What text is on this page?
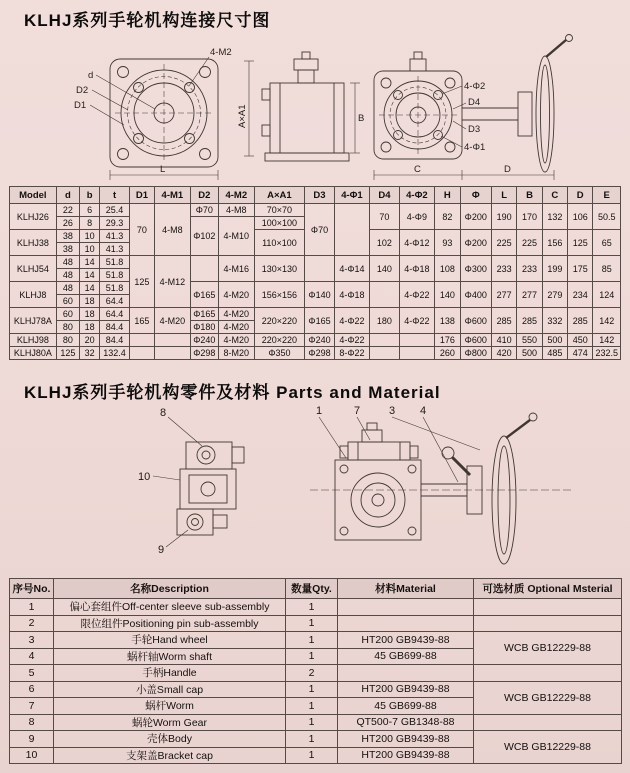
KLHJ系列手轮机构连接尺寸图
4-M2
d
D2
D1
L
A×A1	B
4-Φ2
D4
D3
4-Φ1
C	D
Model	d	b	t	D1	4-M1	D2	4-M2	A×A1	D3	4-Φ1	D4	4-Φ2	H	Φ	L	B	C	D	E
KLHJ26	22	6	25.4	70	4-M8	Φ70	4-M8	70×70	Φ70		70	4-Φ9	82	Φ200	190	170	132	106	50.5
	26	8	29.3			Φ102	4-M10	100×100											
KLHJ38	38	10	41.3					110×100			102	4-Φ12	93	Φ200	225	225	156	125	65
	38	10	41.3																
KLHJ54	48	14	51.8	125	4-M12		4-M16	130×130		4-Φ14	140	4-Φ18	108	Φ300	233	233	199	175	85
	48	14	51.8																
KLHJ8	48	14	51.8			Φ165	4-M20	156×156	Φ140	4-Φ18		4-Φ22	140	Φ400	277	277	279	234	124
	60	18	64.4																
KLHJ78A	60	18	64.4	165	4-M20	Φ165	4-M20	220×220	Φ165	4-Φ22	180	4-Φ22	138	Φ600	285	285	332	285	142
	80	18	84.4			Φ180	4-M20												
KLHJ98	80	20	84.4			Φ240	4-M20	220×220	Φ240	4-Φ22			176	Φ600	410	550	500	450	142
KLHJ80A	125	32	132.4			Φ298	8-M20	Φ350	Φ298	8-Φ22			260	Φ800	420	500	485	474	232.5
KLHJ系列手轮机构零件及材料 Parts and Material
1	7	3 4
8
10
9
序号No.	名称Description	数量Qty.	材料Material	可选材质 Optional Msterial
1	偏心套组件Off-center sleeve sub-assembly	1		
2	限位组件Positioning pin sub-assembly	1		
3	手轮Hand wheel	1	HT200 GB9439-88	WCB GB12229-88
4	蜗杆轴Worm shaft	1	45 GB699-88	
5	手柄Handle	2		
6	小盖Small cap	1	HT200 GB9439-88	WCB GB12229-88
7	蜗杆Worm	1	45 GB699-88	
8	蜗轮Worm Gear	1	QT500-7 GB1348-88	
9	壳体Body	1	HT200 GB9439-88	WCB GB12229-88
10	支架盖Bracket cap	1	HT200 GB9439-88	
